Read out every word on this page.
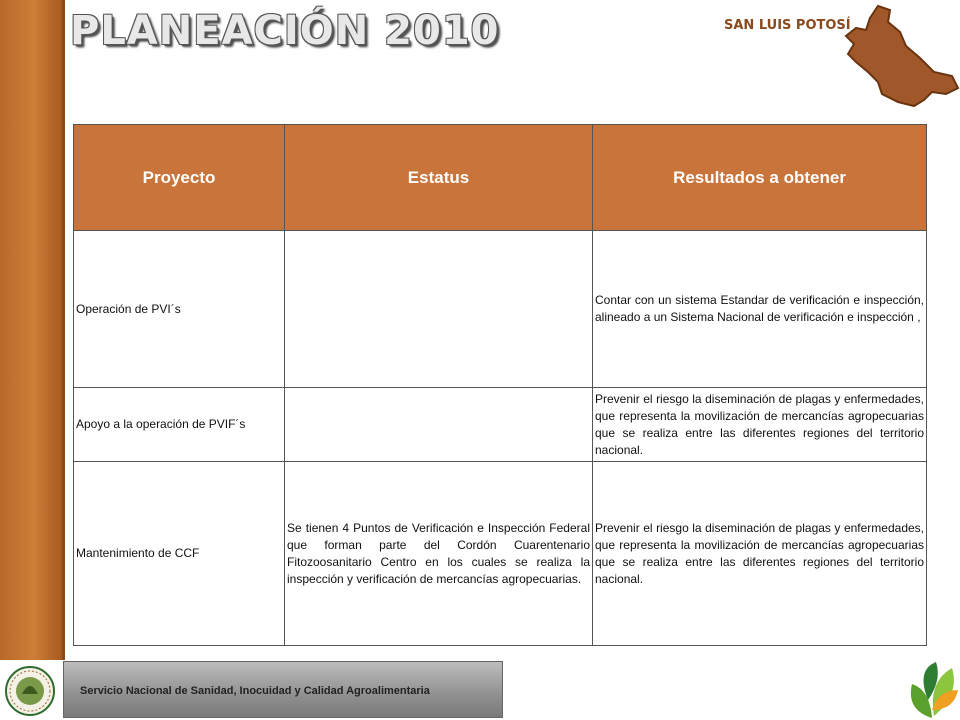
PLANEACIÓN 2010	SAN LUIS POTOSÍ
Proyecto	Estatus	Resultados a obtener
Operación de PVI´s		Contar con un sistema Estandar de verificación e inspección, alineado a un Sistema Nacional de verificación e inspección ,
Apoyo a la operación de PVIF´s		Prevenir el riesgo la diseminación de plagas y enfermedades, que representa la movilización de mercancías agropecuarias que se realiza entre las diferentes regiones del territorio nacional.
Mantenimiento de CCF	Se tienen 4 Puntos de Verificación e Inspección Federal que forman parte del Cordón Cuarentenario Fitozoosanitario Centro en los cuales se realiza la inspección y verificación de mercancías agropecuarias.	Prevenir el riesgo la diseminación de plagas y enfermedades, que representa la movilización de mercancías agropecuarias que se realiza entre las diferentes regiones del territorio nacional.
Servicio Nacional de Sanidad, Inocuidad y Calidad Agroalimentaria
